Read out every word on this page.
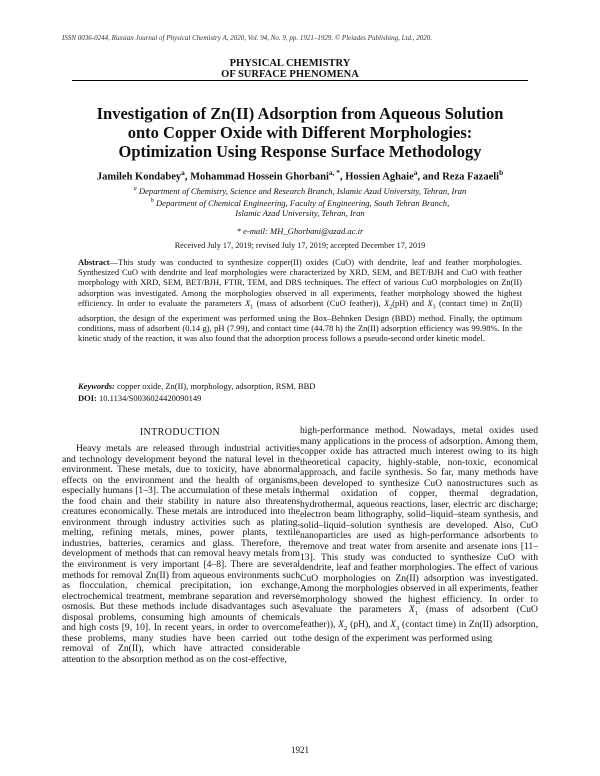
ISSN 0036-0244, Russian Journal of Physical Chemistry A, 2020, Vol. 94, No. 9, pp. 1921–1929. © Pleiades Publishing, Ltd., 2020.
PHYSICAL CHEMISTRY
OF SURFACE PHENOMENA
Investigation of Zn(II) Adsorption from Aqueous Solution
onto Copper Oxide with Different Morphologies:
Optimization Using Response Surface Methodology
Jamileh Kondabey$^a$, Mohammad Hossein Ghorbani$^{a, *}$, Hossien Aghaie$^a$, and Reza Fazaeli$^b$
$^a$ Department of Chemistry, Science and Research Branch, Islamic Azad University, Tehran, Iran
$^b$ Department of Chemical Engineering, Faculty of Engineering, South Tehran Branch,
Islamic Azad University, Tehran, Iran
* e-mail: MH_Ghorbani@azad.ac.ir
Received July 17, 2019; revised July 17, 2019; accepted December 17, 2019
Abstract—This study was conducted to synthesize copper(II) oxides (CuO) with dendrite, leaf and feather morphologies. Synthesized CuO with dendrite and leaf morphologies were characterized by XRD, SEM, and BET/BJH and CuO with feather morphology with XRD, SEM, BET/BJH, FTIR, TEM, and DRS techniques. The effect of various CuO morphologies on Zn(II) adsorption was investigated. Among the morphologies observed in all experiments, feather morphology showed the highest efficiency. In order to evaluate the parameters $X_1$ (mass of adsorbent (CuO feather)), $X_2(pH)$ and $X_3$ (contact time) in Zn(II) adsorption, the design of the experiment was performed using the Box–Behnken Design (BBD) method. Finally, the optimum conditions, mass of adsorbent (0.14 g), pH (7.99), and contact time (44.78 h) the Zn(II) adsorption efficiency was 99.98%. In the kinetic study of the reaction, it was also found that the adsorption process follows a pseudo-second order kinetic model.
Keywords: copper oxide, Zn(II), morphology, adsorption, RSM, BBD
DOI: 10.1134/S0036024420090149
INTRODUCTION
Heavy metals are released through industrial activities and technology development beyond the natural level in the environment. These metals, due to toxicity, have abnormal effects on the environment and the health of organisms, especially humans [1–3]. The accumulation of these metals in the food chain and their stability in nature also threatens creatures economically. These metals are introduced into the environment through industry activities such as plating, melting, refining metals, mines, power plants, textile industries, batteries, ceramics and glass. Therefore, the development of methods that can removal heavy metals from the environment is very important [4–8]. There are several methods for removal Zn(II) from aqueous environments such as flocculation, chemical precipitation, ion exchange, electrochemical treatment, membrane separation and reverse osmosis. But these methods include disadvantages such as disposal problems, consuming high amounts of chemicals and high costs [9, 10]. In recent years, in order to overcome these problems, many studies have been carried out to removal of Zn(II), which have attracted considerable attention to the absorption method as on the cost-effective,
high-performance method. Nowadays, metal oxides used many applications in the process of adsorption. Among them, copper oxide has attracted much interest owing to its high theoretical capacity, highly-stable, non-toxic, economical approach, and facile synthesis. So far, many methods have been developed to synthesize CuO nanostructures such as thermal oxidation of copper, thermal degradation, hydrothermal, aqueous reactions, laser, electric arc discharge; electron beam lithography, solid–liquid–steam synthesis, and solid–liquid–solution synthesis are developed. Also, CuO nanoparticles are used as high-performance adsorbents to remove and treat water from arsenite and arsenate ions [11–13]. This study was conducted to synthesize CuO with dendrite, leaf and feather morphologies. The effect of various CuO morphologies on Zn(II) adsorption was investigated. Among the morphologies observed in all experiments, feather morphology showed the highest efficiency. In order to evaluate the parameters $X_1$ (mass of adsorbent (CuO feather)), $X_2$ (pH), and $X_3$ (contact time) in Zn(II) adsorption, the design of the experiment was performed using
1921
